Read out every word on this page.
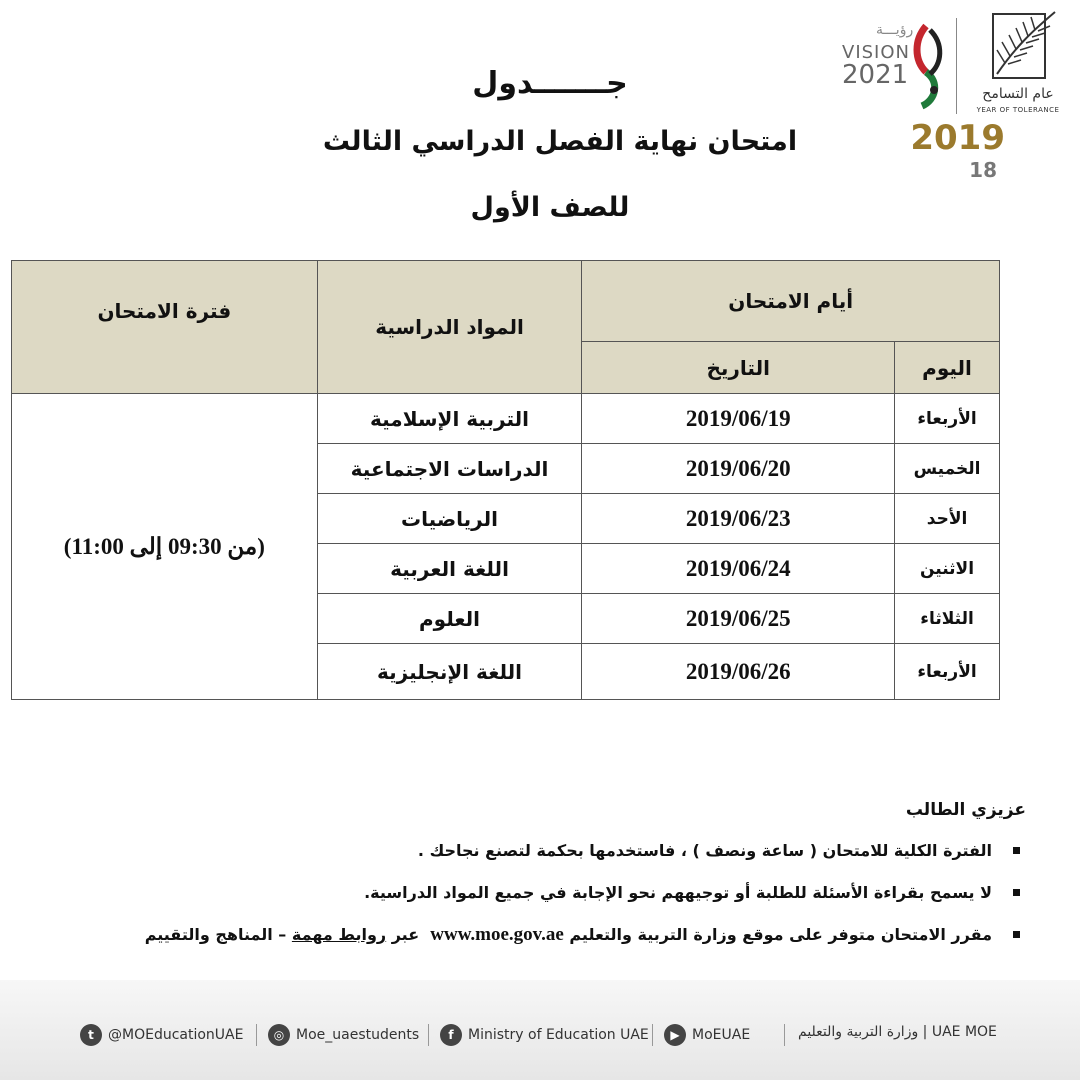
عام التسامح
YEAR OF TOLERANCE
رؤيـــة
VISION
2021
2019
18
جـــــــدول
امتحان نهاية الفصل الدراسي الثالث
للصف الأول
أيام الامتحان		المواد الدراسية	فترة الامتحان
اليوم	التاريخ		
الأربعاء	2019/06/19	التربية الإسلامية	(من 09:30 إلى 11:00)
الخميس	2019/06/20	الدراسات الاجتماعية	
الأحد	2019/06/23	الرياضيات	
الاثنين	2019/06/24	اللغة العربية	
الثلاثاء	2019/06/25	العلوم	
الأربعاء	2019/06/26	اللغة الإنجليزية	
عزيزي الطالب
الفترة الكلية للامتحان ( ساعة ونصف ) ، فاستخدمها بحكمة لتصنع نجاحك .
لا يسمح بقراءة الأسئلة للطلبة أو توجيههم نحو الإجابة في جميع المواد الدراسية.
مقرر الامتحان متوفر على موقع وزارة التربية والتعليم www.moe.gov.ae  عبر روابط مهمة – المناهج والتقييم
وزارة التربية والتعليم | UAE MOE
▶ MoEUAE
f	Ministry of Education UAE
◎ Moe_uaestudents
t	@MOEducationUAE
